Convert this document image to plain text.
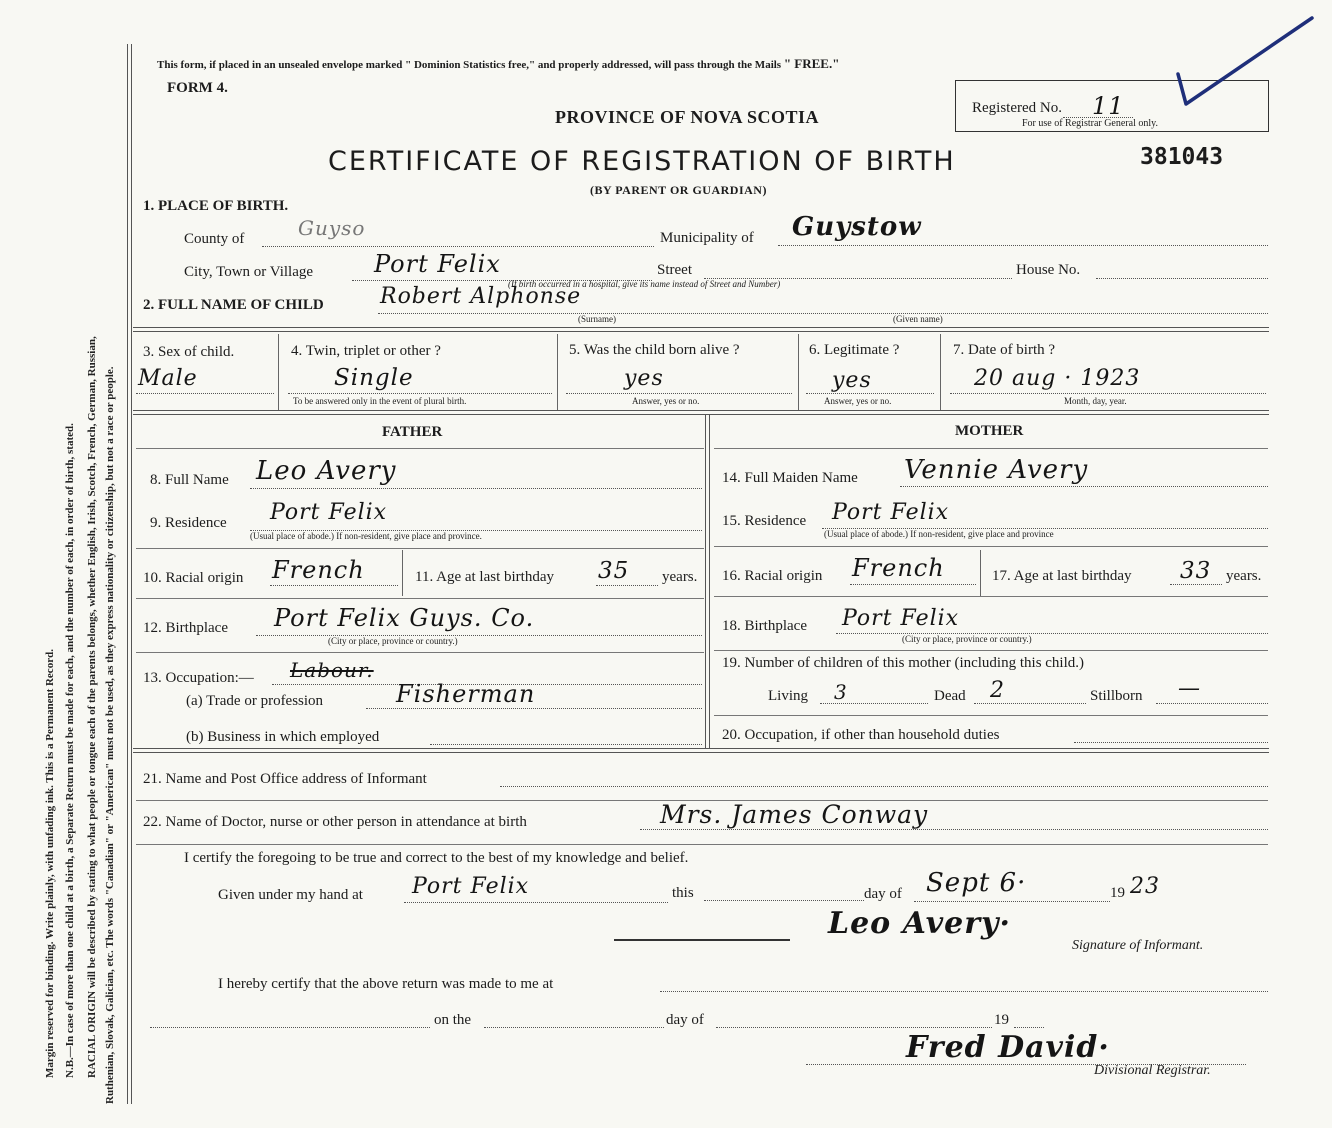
Margin reserved for binding. Write plainly, with unfading ink. This is a Permanent Record. N.B.—In case of more than one child at a birth, a Separate Return must be made for each, and the number of each, in order of birth, stated. RACIAL ORIGIN will be described by stating to what people or tongue each of the parents belongs, whether English, Irish, Scotch, French, German, Russian, Ruthenian, Slovak, Galician, etc. The words "Canadian" or "American" must not be used, as they express nationality or citizenship, but not a race or people.
This form, if placed in an unsealed envelope marked " Dominion Statistics free," and properly addressed, will pass through the Mails " FREE."
FORM 4.
PROVINCE OF NOVA SCOTIA	Registered No. 11
For use of Registrar General only.
CERTIFICATE OF REGISTRATION OF BIRTH	381043
(BY PARENT OR GUARDIAN)
1. PLACE OF BIRTH.
County of	Guyso	Municipality of Guystow
City, Town or Village	Port Felix	Street	House No.
(If birth occurred in a hospital, give its name instead of Street and Number)
2. FULL NAME OF CHILD	Robert Alphonse
(Surname)	(Given name)
3. Sex of child.
Male
4. Twin, triplet or other ?
Single
To be answered only in the event of plural birth.
5. Was the child born alive ?
yes
Answer, yes or no.
6. Legitimate ?
yes
Answer, yes or no.
7. Date of birth ?
20 aug · 1923
Month, day, year.
FATHER	MOTHER
8. Full Name Leo Avery	14. Full Maiden Name Vennie Avery
9. Residence Port Felix
(Usual place of abode.) If non-resident, give place and province.
15. Residence Port Felix
(Usual place of abode.) If non-resident, give place and province
10. Racial origin French	11. Age at last birthday 35 years. 16. Racial origin French	17. Age at last birthday 33 years.
12. Birthplace Port Felix Guys. Co.
(City or place, province or country.)
18. Birthplace Port Felix
(City or place, province or country.)
13. Occupation:— Labour.
(a) Trade or profession	Fisherman
(b) Business in which employed
19. Number of children of this mother (including this child.)
Living 3	Dead 2	Stillborn —
20. Occupation, if other than household duties
21. Name and Post Office address of Informant
22. Name of Doctor, nurse or other person in attendance at birth	Mrs. James Conway
I certify the foregoing to be true and correct to the best of my knowledge and belief.
Given under my hand at Port Felix	this	day of Sept 6·	19 23
Leo Avery·
Signature of Informant.
I hereby certify that the above return was made to me at
on the	day of	19
Fred David·
Divisional Registrar.
